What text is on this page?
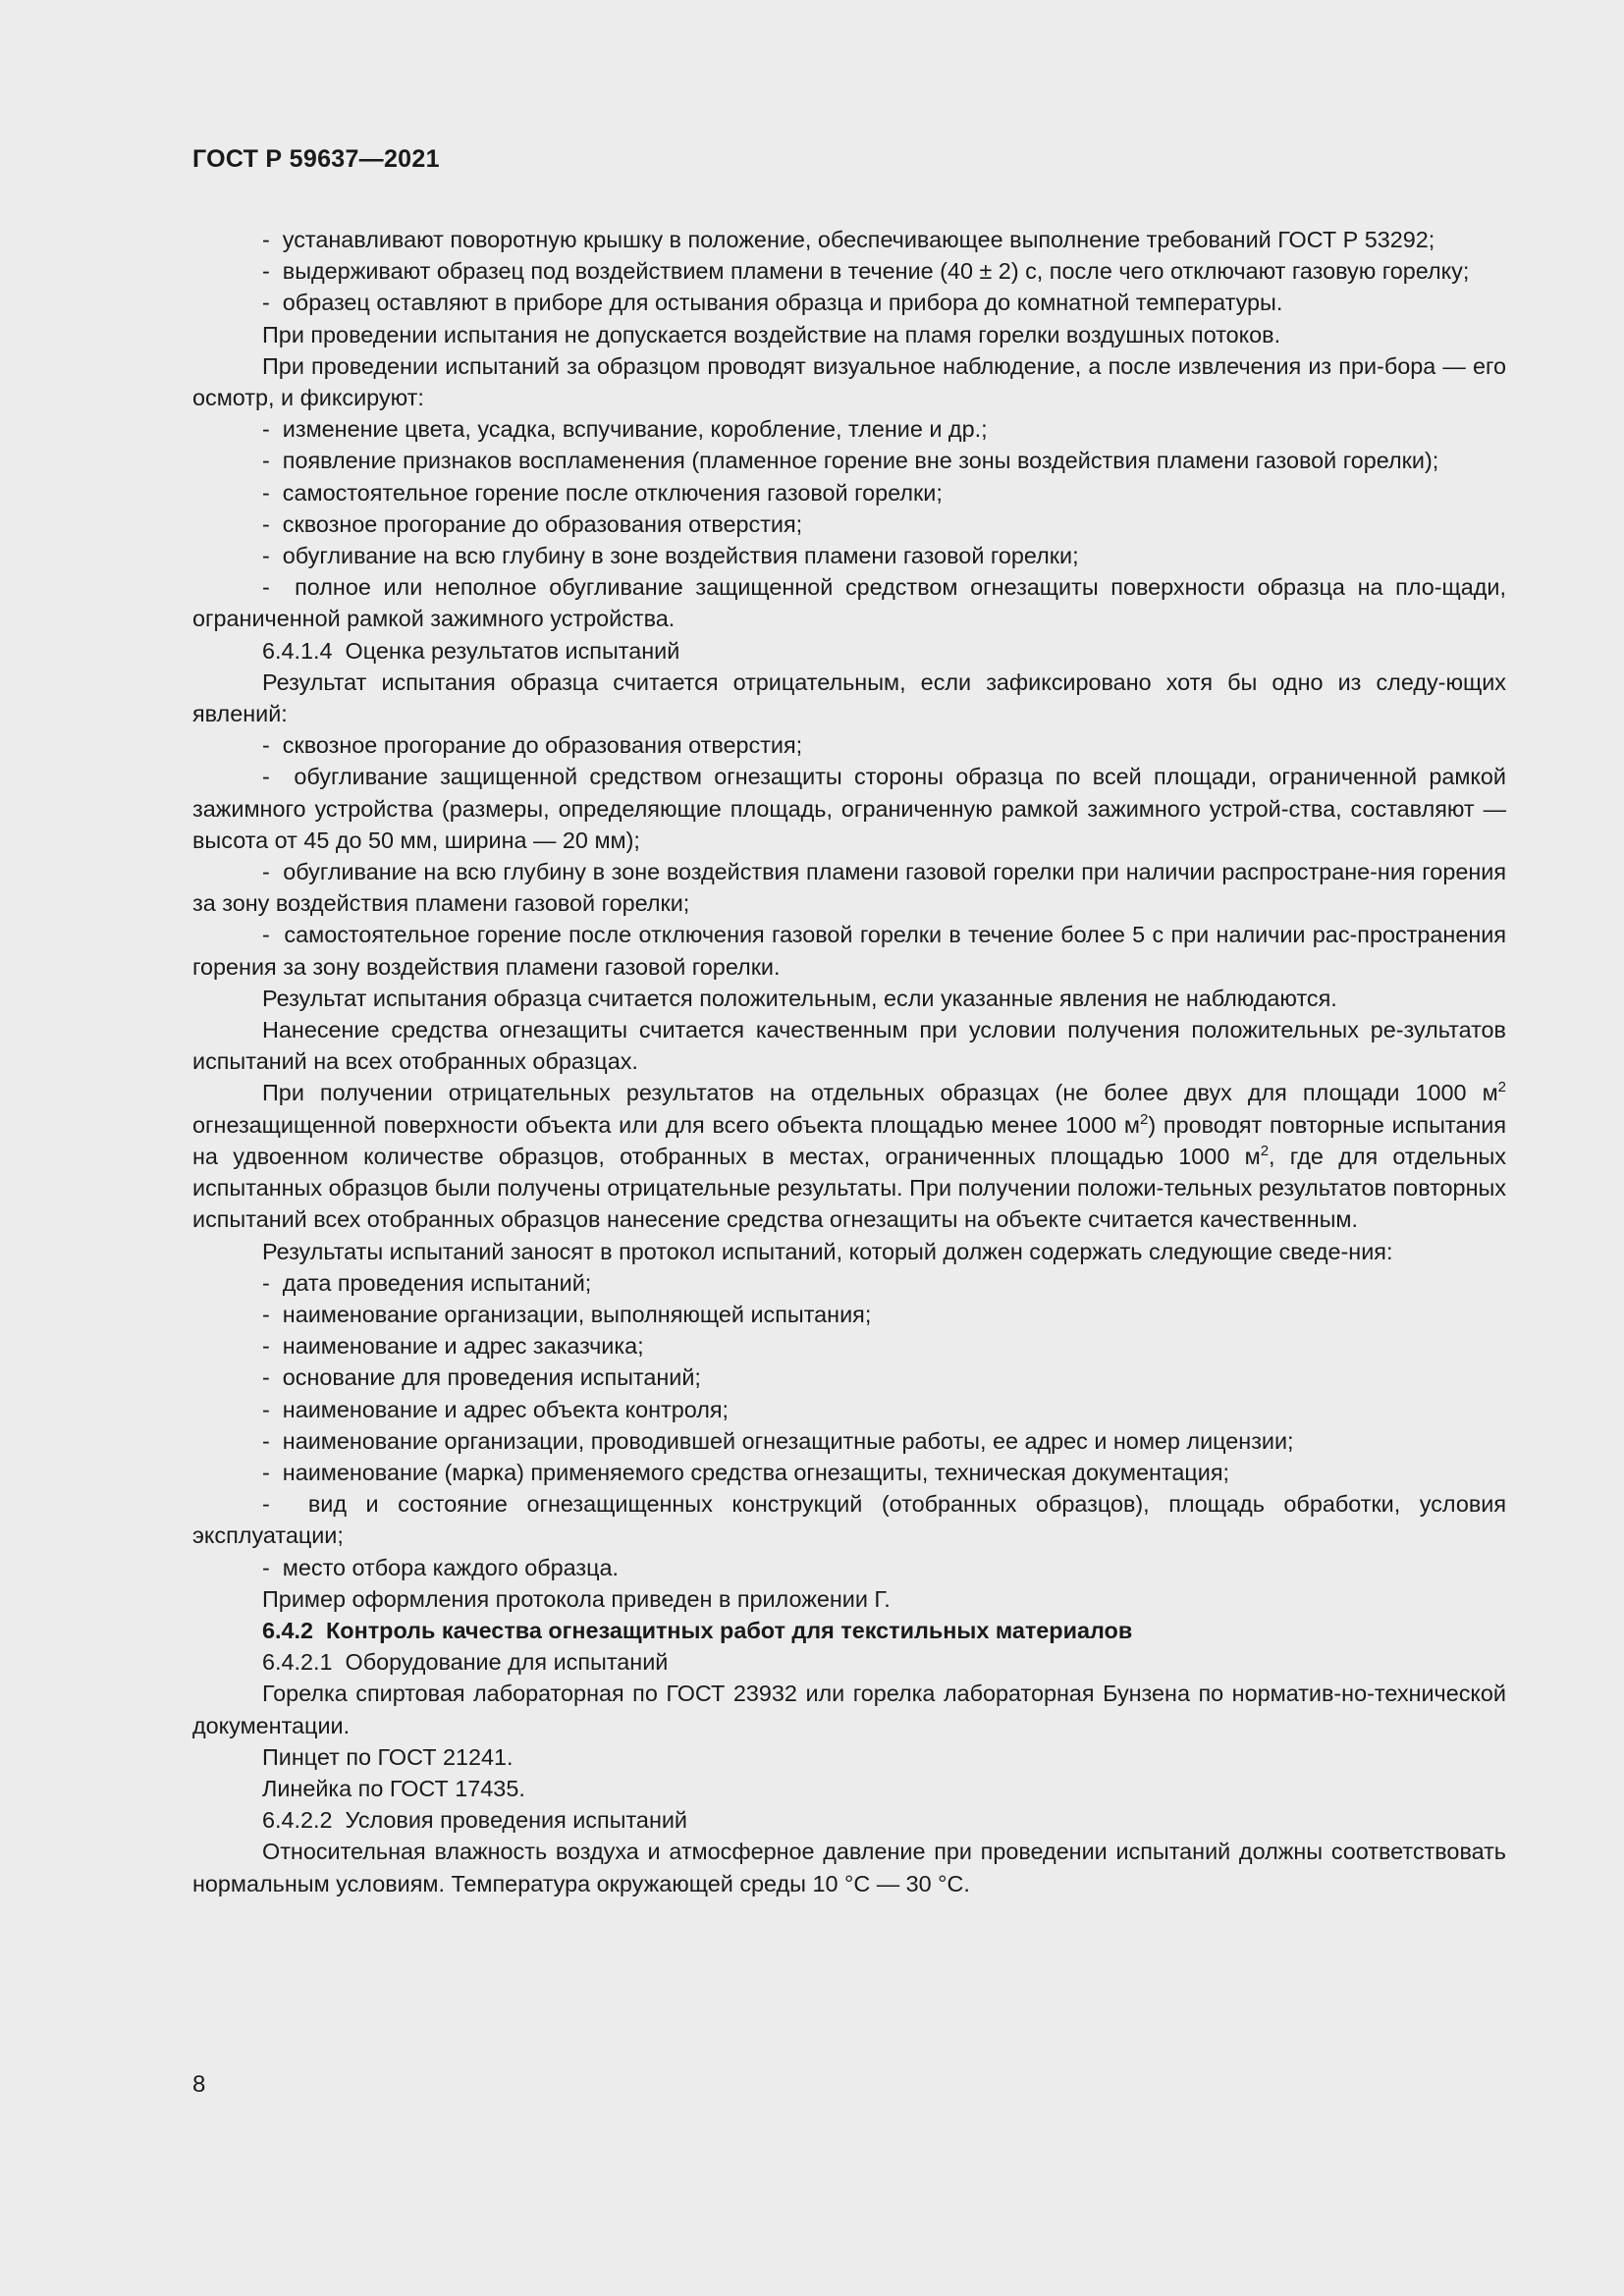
ГОСТ Р 59637—2021

-  устанавливают поворотную крышку в положение, обеспечивающее выполнение требований ГОСТ Р 53292;

-  выдерживают образец под воздействием пламени в течение (40 ± 2) с, после чего отключают газовую горелку;

-  образец оставляют в приборе для остывания образца и прибора до комнатной температуры.

При проведении испытания не допускается воздействие на пламя горелки воздушных потоков.

При проведении испытаний за образцом проводят визуальное наблюдение, а после извлечения из при-бора — его осмотр, и фиксируют:

-  изменение цвета, усадка, вспучивание, коробление, тление и др.;

-  появление признаков воспламенения (пламенное горение вне зоны воздействия пламени газовой горелки);

-  самостоятельное горение после отключения газовой горелки;

-  сквозное прогорание до образования отверстия;

-  обугливание на всю глубину в зоне воздействия пламени газовой горелки;

-  полное или неполное обугливание защищенной средством огнезащиты поверхности образца на пло-щади, ограниченной рамкой зажимного устройства.

6.4.1.4  Оценка результатов испытаний

Результат испытания образца считается отрицательным, если зафиксировано хотя бы одно из следу-ющих явлений:

-  сквозное прогорание до образования отверстия;

-  обугливание защищенной средством огнезащиты стороны образца по всей площади, ограниченной рамкой зажимного устройства (размеры, определяющие площадь, ограниченную рамкой зажимного устрой-ства, составляют — высота от 45 до 50 мм, ширина — 20 мм);

-  обугливание на всю глубину в зоне воздействия пламени газовой горелки при наличии распростране-ния горения за зону воздействия пламени газовой горелки;

-  самостоятельное горение после отключения газовой горелки в течение более 5 с при наличии рас-пространения горения за зону воздействия пламени газовой горелки.

Результат испытания образца считается положительным, если указанные явления не наблюдаются.

Нанесение средства огнезащиты считается качественным при условии получения положительных ре-зультатов испытаний на всех отобранных образцах.

При получении отрицательных результатов на отдельных образцах (не более двух для площади 1000 $м^2$ огнезащищенной поверхности объекта или для всего объекта площадью менее 1000 $м^2$) проводят повторные испытания на удвоенном количестве образцов, отобранных в местах, ограниченных площадью 1000 $м^2$, где для отдельных испытанных образцов были получены отрицательные результаты. При получении положи-тельных результатов повторных испытаний всех отобранных образцов нанесение средства огнезащиты на объекте считается качественным.

Результаты испытаний заносят в протокол испытаний, который должен содержать следующие сведе-ния:

-  дата проведения испытаний;

-  наименование организации, выполняющей испытания;

-  наименование и адрес заказчика;

-  основание для проведения испытаний;

-  наименование и адрес объекта контроля;

-  наименование организации, проводившей огнезащитные работы, ее адрес и номер лицензии;

-  наименование (марка) применяемого средства огнезащиты, техническая документация;

-  вид и состояние огнезащищенных конструкций (отобранных образцов), площадь обработки, условия эксплуатации;

-  место отбора каждого образца.

Пример оформления протокола приведен в приложении Г.

6.4.2  Контроль качества огнезащитных работ для текстильных материалов

6.4.2.1  Оборудование для испытаний

Горелка спиртовая лабораторная по ГОСТ 23932 или горелка лабораторная Бунзена по норматив-но-технической документации.

Пинцет по ГОСТ 21241.

Линейка по ГОСТ 17435.

6.4.2.2  Условия проведения испытаний

Относительная влажность воздуха и атмосферное давление при проведении испытаний должны соответствовать нормальным условиям. Температура окружающей среды 10 °С — 30 °С.

8
